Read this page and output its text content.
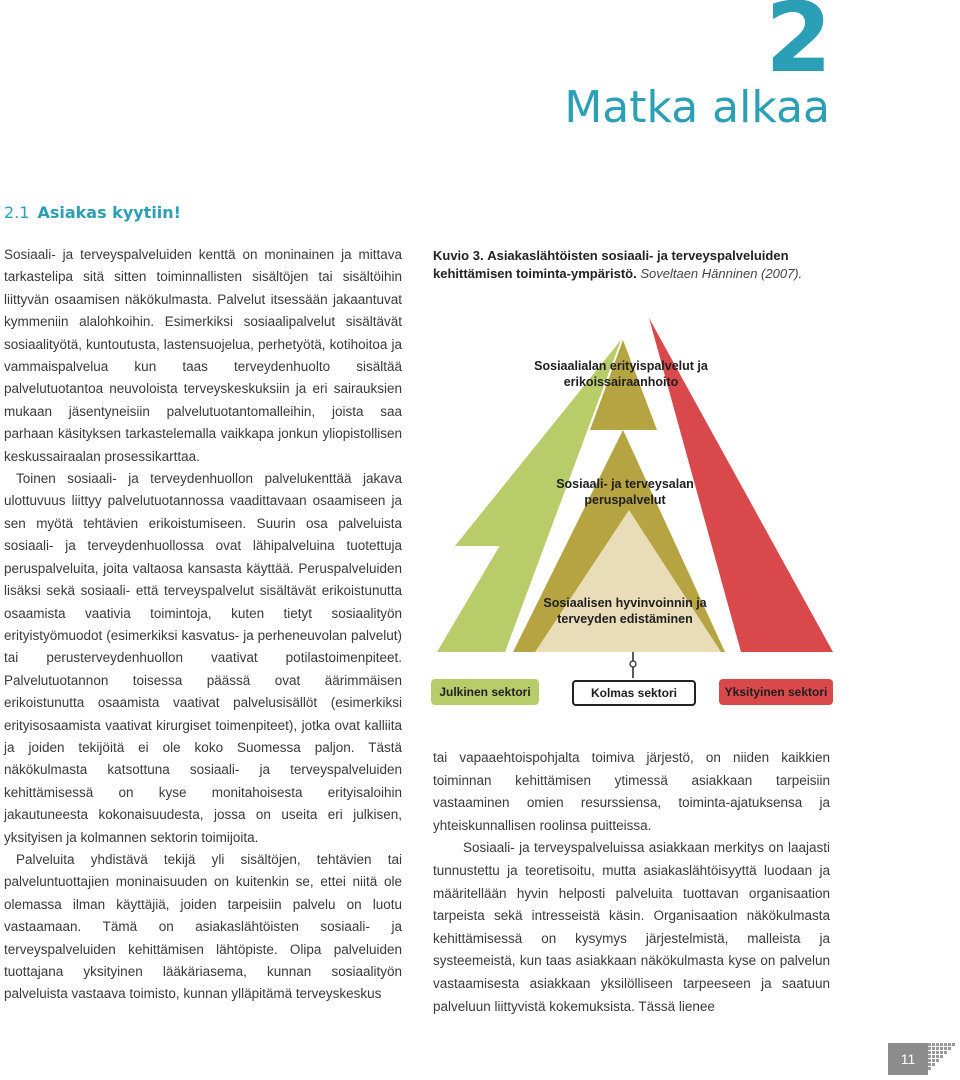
2
Matka alkaa
2.1 Asiakas kyytiin!

Sosiaali- ja terveyspalveluiden kenttä on moninainen ja mittava tarkastelipa sitä sitten toiminnallisten sisältöjen tai sisältöihin liittyvän osaamisen näkökulmasta. Palvelut itsessään jakaantuvat kymmeniin alalohkoihin. Esimerkiksi sosiaalipalvelut sisältävät sosiaalityötä, kuntoutusta, lastensuojelua, perhetyötä, kotihoitoa ja vammaispalvelua kun taas terveydenhuolto sisältää palvelutuotantoa neuvoloista terveyskeskuksiin ja eri sairauksien mukaan jäsentyneisiin palvelutuotantomalleihin, joista saa parhaan käsityksen tarkastelemalla vaikkapa jonkun yliopistollisen keskussairaalan prosessikarttaa.

Toinen sosiaali- ja terveydenhuollon palvelukenttää jakava ulottuvuus liittyy palvelutuotannossa vaadittavaan osaamiseen ja sen myötä tehtävien erikoistumiseen. Suurin osa palveluista sosiaali- ja terveydenhuollossa ovat lähipalveluina tuotettuja peruspalveluita, joita valtaosa kansasta käyttää. Peruspalveluiden lisäksi sekä sosiaali- että terveyspalvelut sisältävät erikoistunutta osaamista vaativia toimintoja, kuten tietyt sosiaalityön erityistyömuodot (esimerkiksi kasvatus- ja perheneuvolan palvelut) tai perusterveydenhuollon vaativat potilastoimenpiteet. Palvelutuotannon toisessa päässä ovat äärimmäisen erikoistunutta osaamista vaativat palvelusisällöt (esimerkiksi erityisosaamista vaativat kirurgiset toimenpiteet), jotka ovat kalliita ja joiden tekijöitä ei ole koko Suomessa paljon. Tästä näkökulmasta katsottuna sosiaali- ja terveyspalveluiden kehittämisessä on kyse monitahoisesta erityisaloihin jakautuneesta kokonaisuudesta, jossa on useita eri julkisen, yksityisen ja kolmannen sektorin toimijoita.

Palveluita yhdistävä tekijä yli sisältöjen, tehtävien tai palveluntuottajien moninaisuuden on kuitenkin se, ettei niitä ole olemassa ilman käyttäjiä, joiden tarpeisiin palvelu on luotu vastaamaan. Tämä on asiakaslähtöisten sosiaali- ja terveyspalveluiden kehittämisen lähtöpiste. Olipa palveluiden tuottajana yksityinen lääkäriasema, kunnan sosiaalityön palveluista vastaava toimisto, kunnan ylläpitämä terveyskeskus

Kuvio 3. Asiakaslähtöisten sosiaali- ja terveyspalveluiden kehittämisen toiminta-ympäristö. Soveltaen Hänninen (2007).
Sosiaalialan erityispalvelut ja erikoissairaanhoito
Sosiaali- ja terveysalan peruspalvelut
Sosiaalisen hyvinvoinnin ja terveyden edistäminen
Julkinen sektori	Kolmas sektori	Yksityinen sektori

tai vapaaehtoispohjalta toimiva järjestö, on niiden kaikkien toiminnan kehittämisen ytimessä asiakkaan tarpeisiin vastaaminen omien resurssiensa, toiminta-ajatuksensa ja yhteiskunnallisen roolinsa puitteissa.

Sosiaali- ja terveyspalveluissa asiakkaan merkitys on laajasti tunnustettu ja teoretisoitu, mutta asiakaslähtöisyyttä luodaan ja määritellään hyvin helposti palveluita tuottavan organisaation tarpeista sekä intresseistä käsin. Organisaation näkökulmasta kehittämisessä on kysymys järjestelmistä, malleista ja systeemeistä, kun taas asiakkaan näkökulmasta kyse on palvelun vastaamisesta asiakkaan yksilölliseen tarpeeseen ja saatuun palveluun liittyvistä kokemuksista. Tässä lienee

11
